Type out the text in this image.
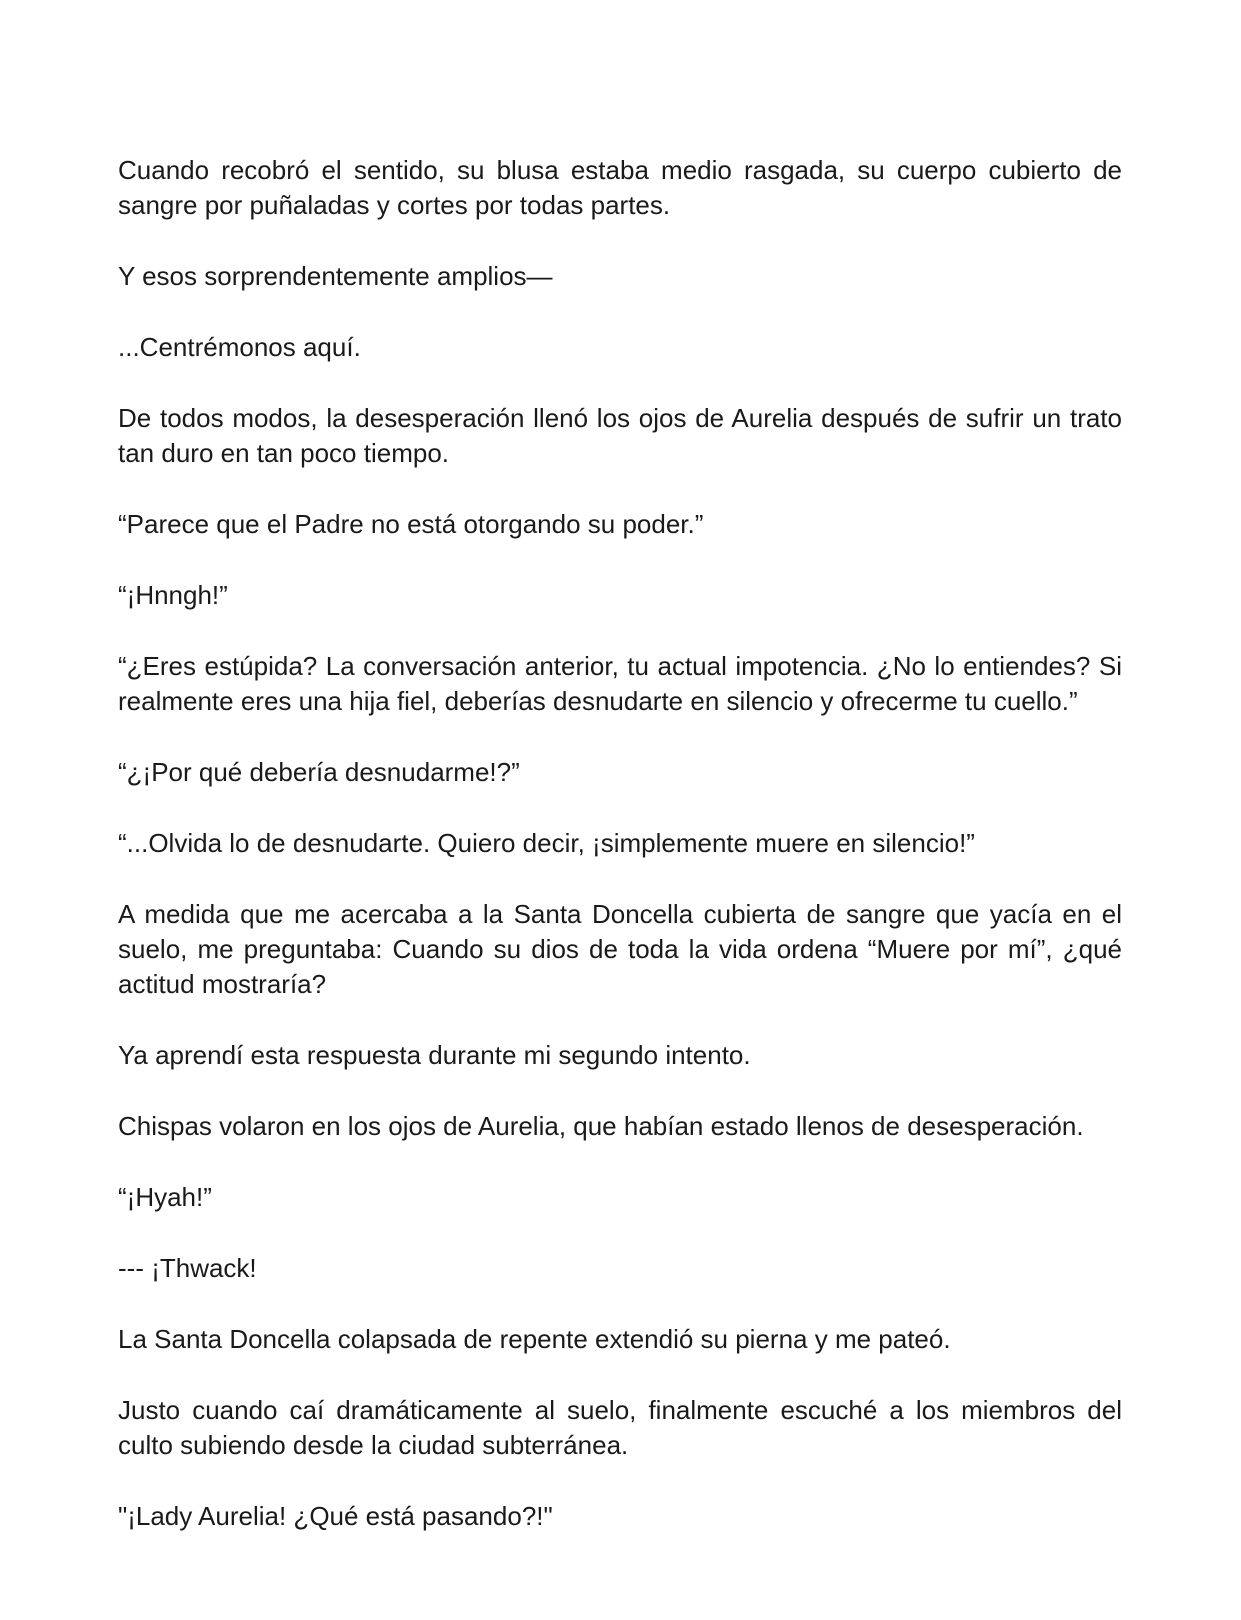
Cuando recobró el sentido, su blusa estaba medio rasgada, su cuerpo cubierto de sangre por puñaladas y cortes por todas partes.

Y esos sorprendentemente amplios—

...Centrémonos aquí.

De todos modos, la desesperación llenó los ojos de Aurelia después de sufrir un trato tan duro en tan poco tiempo.

“Parece que el Padre no está otorgando su poder.”

“¡Hnngh!”

“¿Eres estúpida? La conversación anterior, tu actual impotencia. ¿No lo entiendes? Si realmente eres una hija fiel, deberías desnudarte en silencio y ofrecerme tu cuello.”

“¿¡Por qué debería desnudarme!?”

“...Olvida lo de desnudarte. Quiero decir, ¡simplemente muere en silencio!”

A medida que me acercaba a la Santa Doncella cubierta de sangre que yacía en el suelo, me preguntaba: Cuando su dios de toda la vida ordena “Muere por mí”, ¿qué actitud mostraría?

Ya aprendí esta respuesta durante mi segundo intento.

Chispas volaron en los ojos de Aurelia, que habían estado llenos de desesperación.

“¡Hyah!”

--- ¡Thwack!

La Santa Doncella colapsada de repente extendió su pierna y me pateó.

Justo cuando caí dramáticamente al suelo, finalmente escuché a los miembros del culto subiendo desde la ciudad subterránea.

"¡Lady Aurelia! ¿Qué está pasando?!"
